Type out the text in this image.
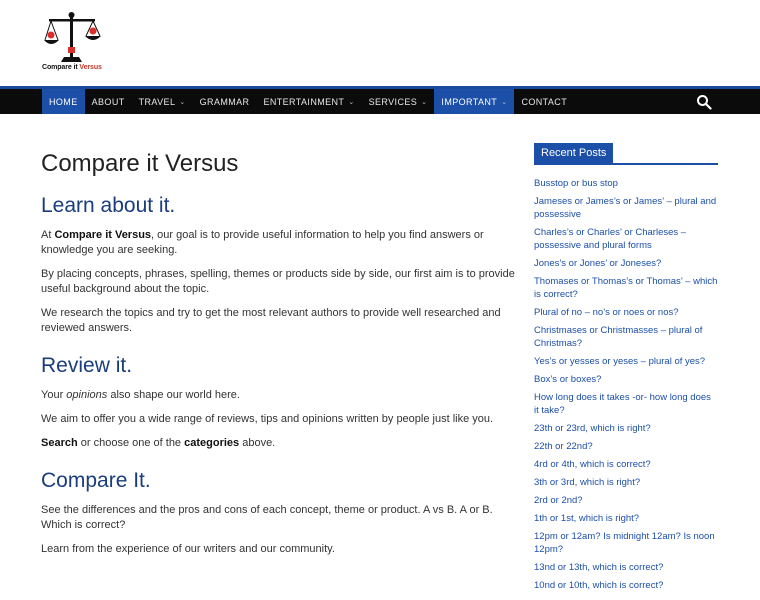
Compare it Versus
HOME ABOUT TRAVEL ⌄ GRAMMAR ENTERTAINMENT ⌄ SERVICES ⌄ IMPORTANT ⌄ CONTACT
Compare it Versus
Learn about it.

At Compare it Versus, our goal is to provide useful information to help you find answers or knowledge you are seeking.

By placing concepts, phrases, spelling, themes or products side by side, our first aim is to provide useful background about the topic.

We research the topics and try to get the most relevant authors to provide well researched and reviewed answers.

Review it.

Your opinions also shape our world here.

We aim to offer you a wide range of reviews, tips and opinions written by people just like you.

Search or choose one of the categories above.

Compare It.

See the differences and the pros and cons of each concept, theme or product. A vs B. A or B. Which is correct?

Learn from the experience of our writers and our community.

Recent Posts
Busstop or bus stop
Jameses or James’s or James’ – plural and possessive
Charles’s or Charles’ or Charleses – possessive and plural forms
Jones’s or Jones’ or Joneses?
Thomases or Thomas’s or Thomas’ – which is correct?
Plural of no – no’s or noes or nos?
Christmases or Christmasses – plural of Christmas?
Yes’s or yesses or yeses – plural of yes?
Box’s or boxes?
How long does it takes -or- how long does it take?
23th or 23rd, which is right?
22th or 22nd?
4rd or 4th, which is correct?
3th or 3rd, which is right?
2rd or 2nd?
1th or 1st, which is right?
12pm or 12am? Is midnight 12am? Is noon 12pm?
13nd or 13th, which is correct?
10nd or 10th, which is correct?
